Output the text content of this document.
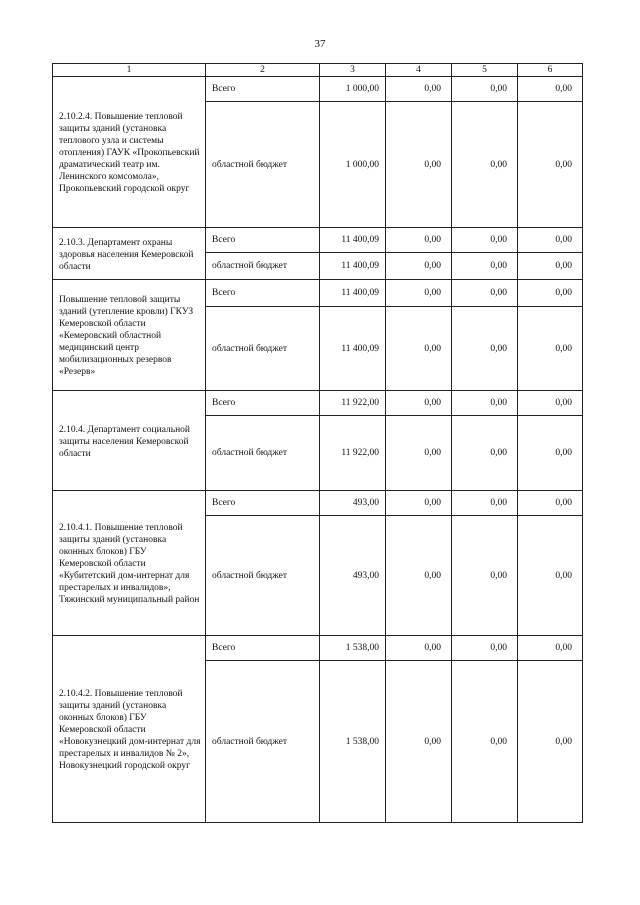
37
1	2	3	4	5	6
2.10.2.4. Повышение тепловой защиты зданий (установка теплового узла и системы отопления) ГАУК «Прокопьевский драматический театр им. Ленинского комсомола», Прокопьевский городской округ	Всего	1 000,00	0,00	0,00	0,00
	областной бюджет	1 000,00	0,00	0,00	0,00
2.10.3. Департамент охраны здоровья населения Кемеровской области	Всего	11 400,09	0,00	0,00	0,00
	областной бюджет	11 400,09	0,00	0,00	0,00
Повышение тепловой защиты зданий (утепление кровли) ГКУЗ Кемеровской области «Кемеровский областной медицинский центр мобилизационных резервов «Резерв»	Всего	11 400,09	0,00	0,00	0,00
	областной бюджет	11 400,09	0,00	0,00	0,00
2.10.4. Департамент социальной защиты населения Кемеровской области	Всего	11 922,00	0,00	0,00	0,00
	областной бюджет	11 922,00	0,00	0,00	0,00
2.10.4.1. Повышение тепловой защиты зданий (установка оконных блоков) ГБУ Кемеровской области «Кубитетский дом-интернат для престарелых и инвалидов», Тяжинский муниципальный район	Всего	493,00	0,00	0,00	0,00
	областной бюджет	493,00	0,00	0,00	0,00
2.10.4.2. Повышение тепловой защиты зданий (установка оконных блоков) ГБУ Кемеровской области «Новокузнецкий дом-интернат для престарелых и инвалидов № 2», Новокузнецкий городской округ	Всего	1 538,00	0,00	0,00	0,00
	областной бюджет	1 538,00	0,00	0,00	0,00
